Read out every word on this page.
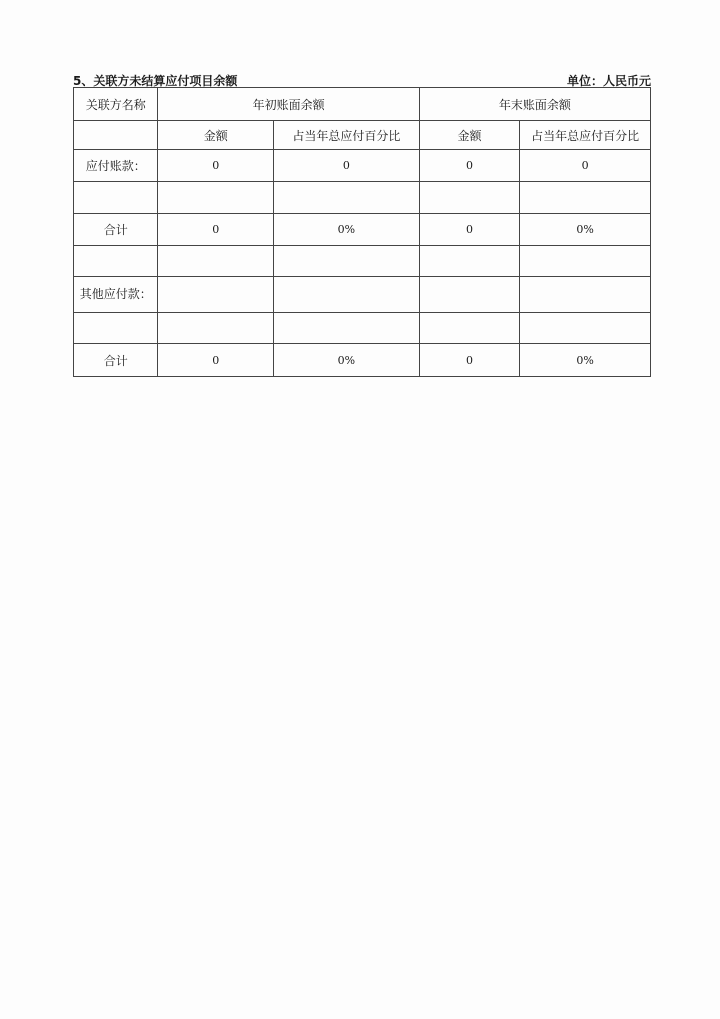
5、关联方未结算应付项目余额	单位：人民币元
关联方名称	年初账面余额		年末账面余额	
	金额	占当年总应付百分比	金额	占当年总应付百分比
应付账款：	0	0	0	0

合计	0	0%	0	0%

其他应付款：				

合计	0	0%	0	0%
